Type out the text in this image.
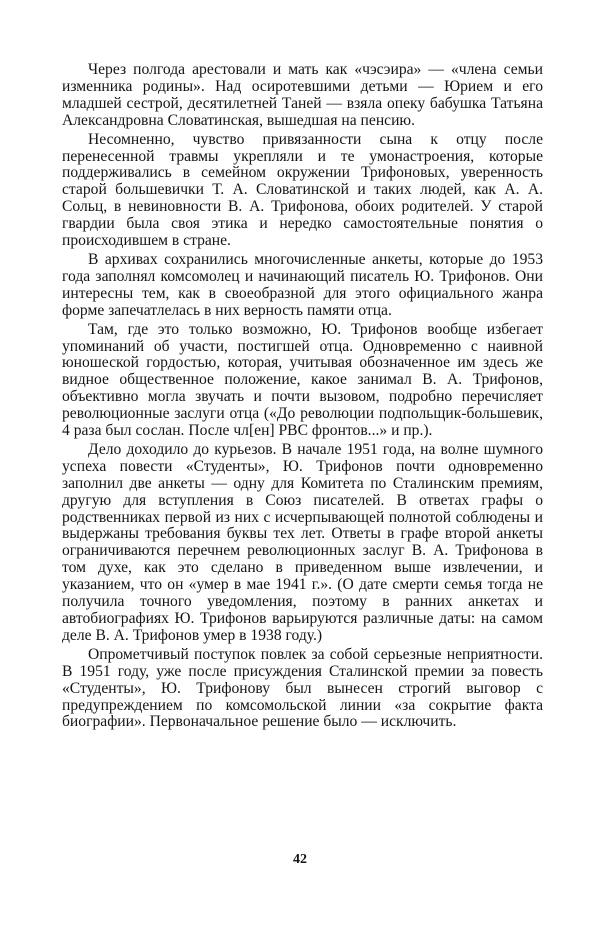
Через полгода арестовали и мать как «чэсэира» — «члена семьи изменника родины». Над осиротевшими детьми — Юрием и его младшей сестрой, десятилетней Таней — взяла опеку бабушка Татьяна Александровна Словатинская, вышедшая на пенсию.

Несомненно, чувство привязанности сына к отцу после перенесенной травмы укрепляли и те умонастроения, которые поддерживались в семейном окружении Трифоновых, уверенность старой большевички Т. А. Словатинской и таких людей, как А. А. Сольц, в невиновности В. А. Трифонова, обоих родителей. У старой гвардии была своя этика и нередко самостоятельные понятия о происходившем в стране.

В архивах сохранились многочисленные анкеты, которые до 1953 года заполнял комсомолец и начинающий писатель Ю. Трифонов. Они интересны тем, как в своеобразной для этого официального жанра форме запечатлелась в них верность памяти отца.

Там, где это только возможно, Ю. Трифонов вообще избегает упоминаний об участи, постигшей отца. Одновременно с наивной юношеской гордостью, которая, учитывая обозначенное им здесь же видное общественное положение, какое занимал В. А. Трифонов, объективно могла звучать и почти вызовом, подробно перечисляет революционные заслуги отца («До революции подпольщик-большевик, 4 раза был сослан. После чл[ен] РВС фронтов...» и пр.).

Дело доходило до курьезов. В начале 1951 года, на волне шумного успеха повести «Студенты», Ю. Трифонов почти одновременно заполнил две анкеты — одну для Комитета по Сталинским премиям, другую для вступления в Союз писателей. В ответах графы о родственниках первой из них с исчерпывающей полнотой соблюдены и выдержаны требования буквы тех лет. Ответы в графе второй анкеты ограничиваются перечнем революционных заслуг В. А. Трифонова в том духе, как это сделано в приведенном выше извлечении, и указанием, что он «умер в мае 1941 г.». (О дате смерти семья тогда не получила точного уведомления, поэтому в ранних анкетах и автобиографиях Ю. Трифонов варьируются различные даты: на самом деле В. А. Трифонов умер в 1938 году.)

Опрометчивый поступок повлек за собой серьезные неприятности. В 1951 году, уже после присуждения Сталинской премии за повесть «Студенты», Ю. Трифонову был вынесен строгий выговор с предупреждением по комсомольской линии «за сокрытие факта биографии». Первоначальное решение было — исключить.

42
